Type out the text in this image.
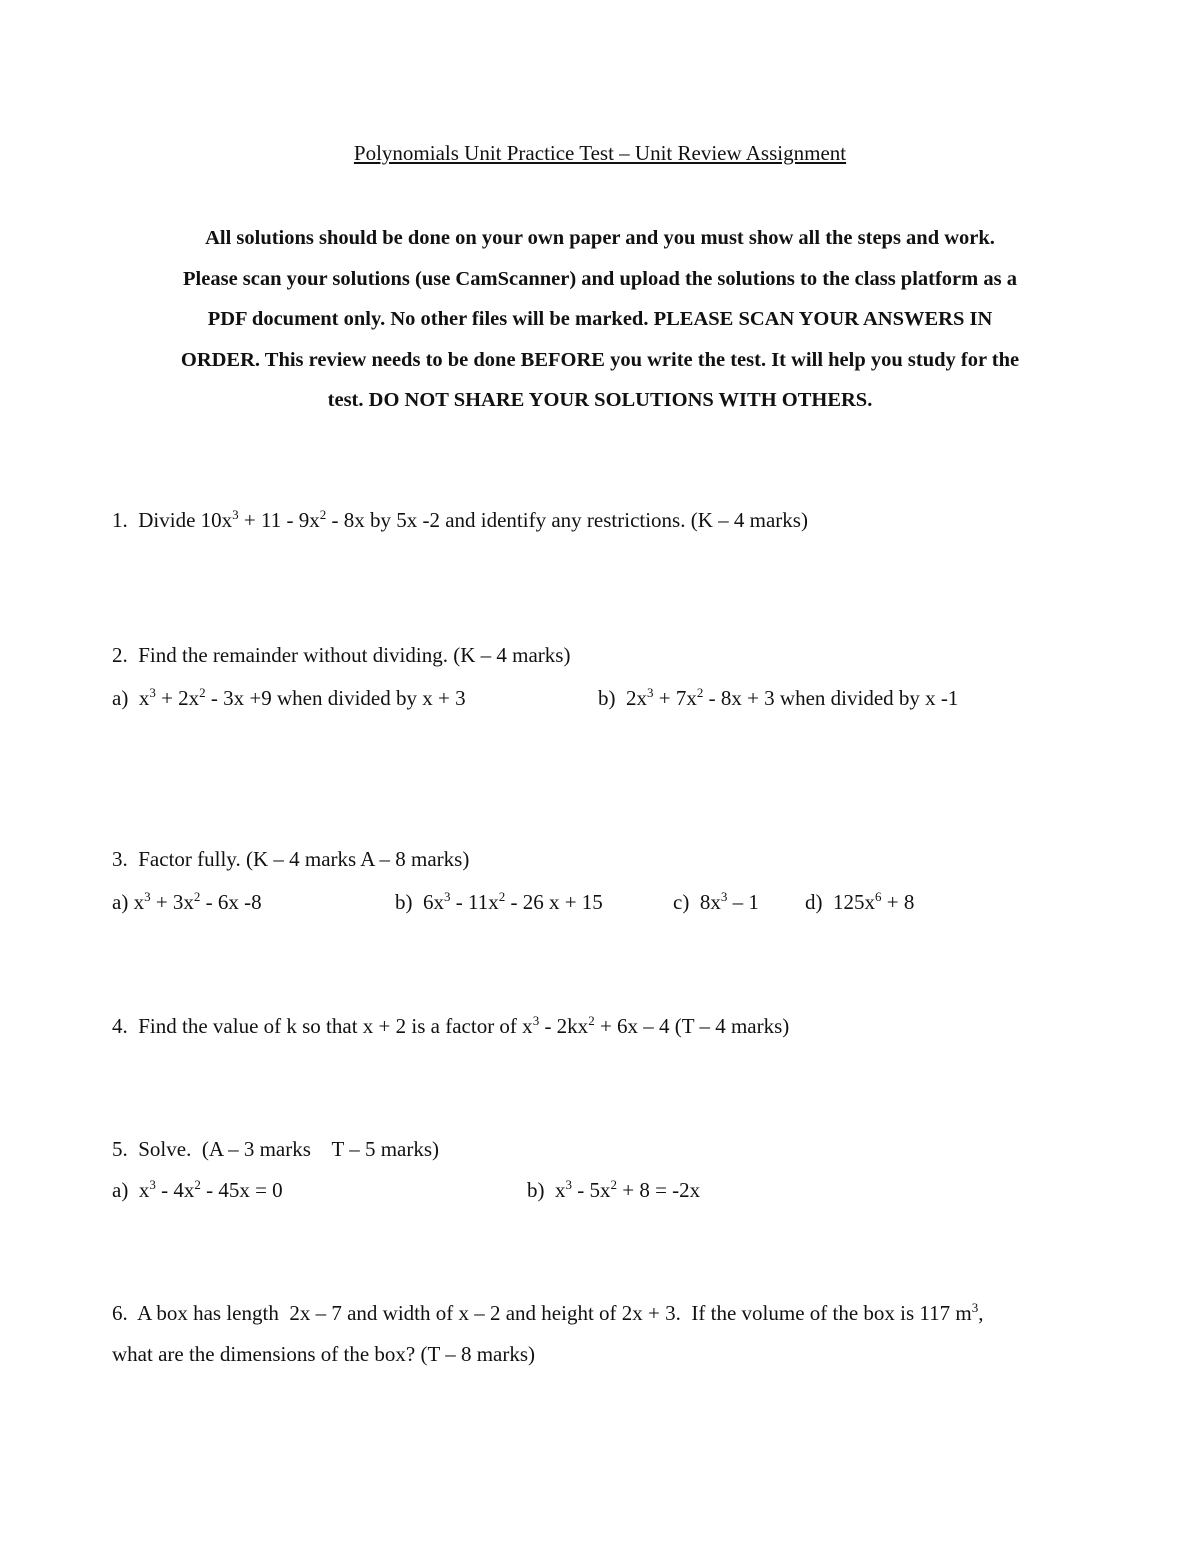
Polynomials Unit Practice Test – Unit Review Assignment
All solutions should be done on your own paper and you must show all the steps and work.
Please scan your solutions (use CamScanner) and upload the solutions to the class platform as a
PDF document only. No other files will be marked. PLEASE SCAN YOUR ANSWERS IN
ORDER. This review needs to be done BEFORE you write the test. It will help you study for the
test. DO NOT SHARE YOUR SOLUTIONS WITH OTHERS.
1. Divide $10x^3 + 11 - 9x^2 - 8x$ by 5x -2 and identify any restrictions. (K – 4 marks)
2. Find the remainder without dividing. (K – 4 marks)
a) $x^3 + 2x^2 - 3x +9$ when divided by x + 3	b) $2x^3 + 7x^2 - 8x + 3$ when divided by x -1
3. Factor fully. (K – 4 marks A – 8 marks)
a) $x^3 + 3x^2 - 6x$ -8	b) $6x^3 - 11x^2 - 26$ x + 15	c) $8x^3 - 1$ d) $125x^6 + 8$
4. Find the value of k so that x + 2 is a factor of $x^3 - 2kx^2 + 6x - 4$ (T – 4 marks)
5. Solve.  (A – 3 marks    T – 5 marks)
a) $x^3 - 4x^2 - 45x = 0$	b) $x^3 - 5x^2 + 8 = -2x$
6. A box has length  2x – 7 and width of x – 2 and height of 2x + 3.  If the volume of the box is 117 $m^3$,
what are the dimensions of the box? (T – 8 marks)
